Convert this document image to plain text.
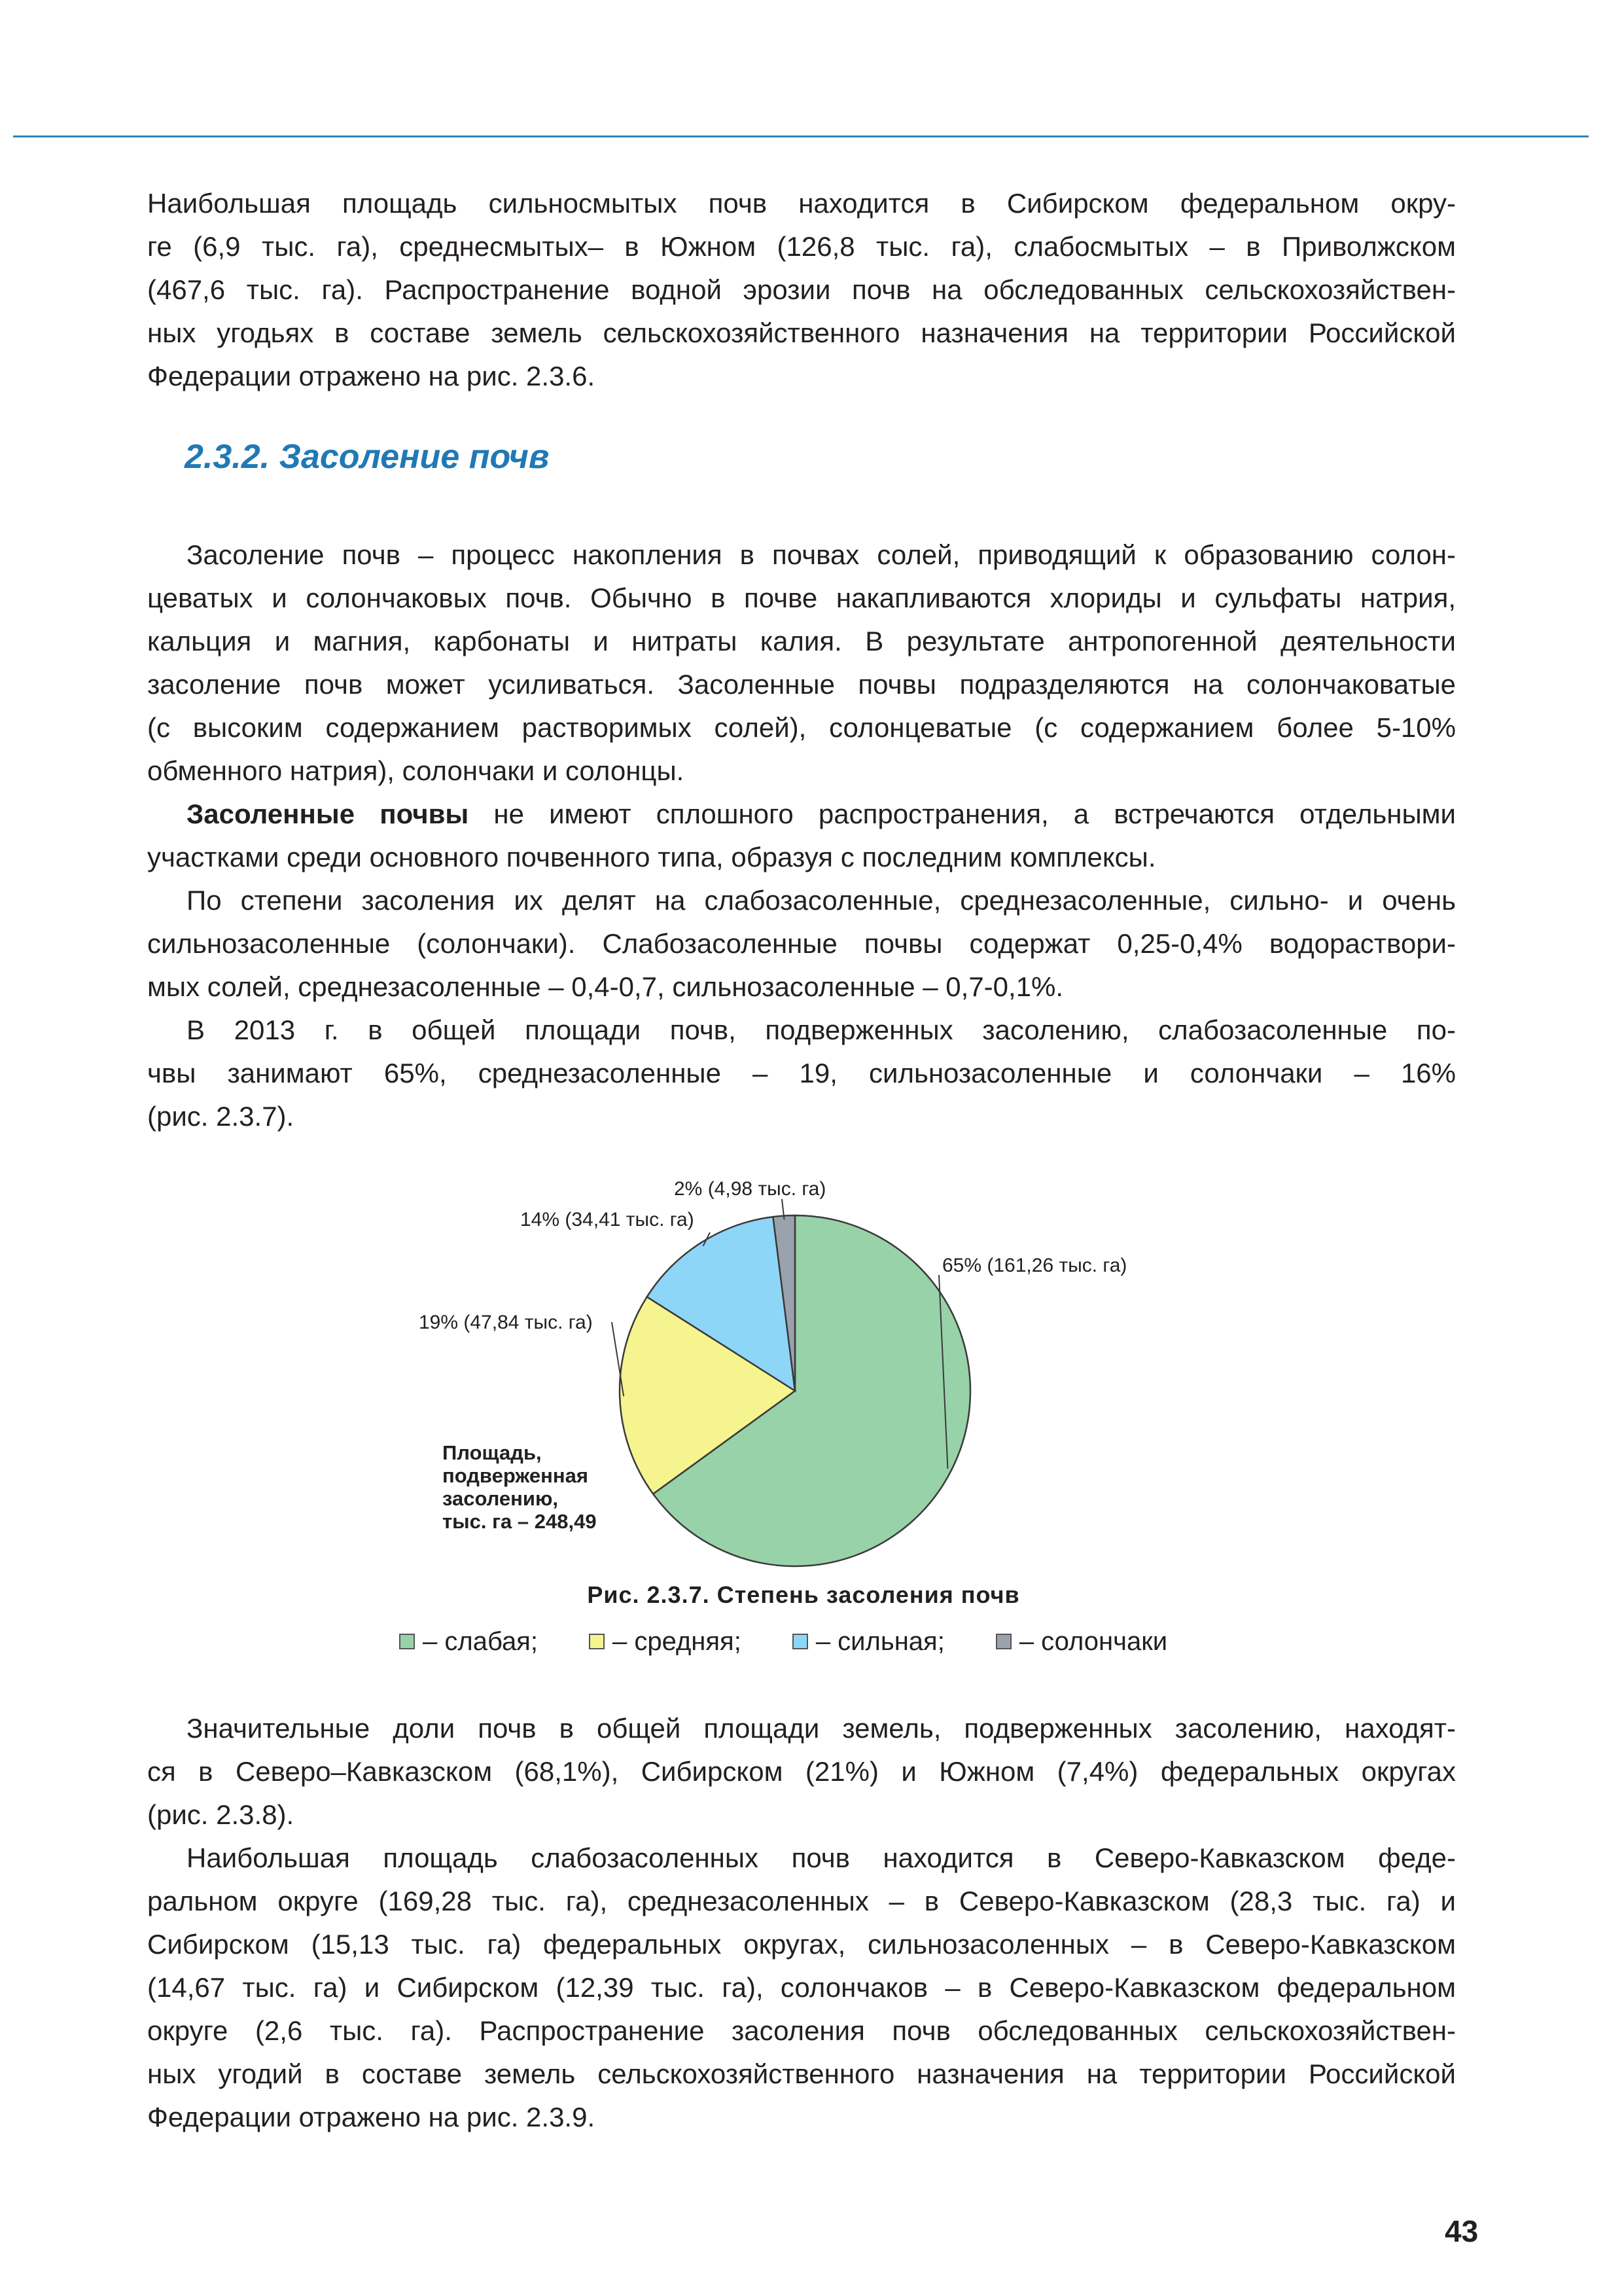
Наибольшая площадь сильносмытых почв находится в Сибирском федеральном окру-
ге (6,9 тыс. га), среднесмытых– в Южном (126,8 тыс. га), слабосмытых – в Приволжском
(467,6 тыс. га). Распространение водной эрозии почв на обследованных сельскохозяйствен-
ных угодьях в составе земель сельскохозяйственного назначения на территории Российской
Федерации отражено на рис. 2.3.6.
2.3.2. Засоление почв
Засоление почв – процесс накопления в почвах солей, приводящий к образованию солон-
цеватых и солончаковых почв. Обычно в почве накапливаются хлориды и сульфаты натрия,
кальция и магния, карбонаты и нитраты калия. В результате антропогенной деятельности
засоление почв может усиливаться. Засоленные почвы подразделяются на солончаковатые
(с высоким содержанием растворимых солей), солонцеватые (с содержанием более 5-10%
обменного натрия), солончаки и солонцы.
Засоленные почвы не имеют сплошного распространения, а встречаются отдельными
участками среди основного почвенного типа, образуя с последним комплексы.
По степени засоления их делят на слабозасоленные, среднезасоленные, сильно- и очень
сильнозасоленные (солончаки). Слабозасоленные почвы содержат 0,25-0,4% водораствори-
мых солей, среднезасоленные – 0,4-0,7, сильнозасоленные – 0,7-0,1%.
В 2013 г. в общей площади почв, подверженных засолению, слабозасоленные по-
чвы занимают 65%, среднезасоленные – 19, сильнозасоленные и солончаки – 16%
(рис. 2.3.7).
65% (161,26 тыс. га)
19% (47,84 тыс. га)
14% (34,41 тыс. га)
2% (4,98 тыс. га)
Площадь,
подверженная
засолению,
тыс. га – 248,49

Рис. 2.3.7. Степень засоления почв

– слабая;	– средняя;	– сильная;	– солончаки
Значительные доли почв в общей площади земель, подверженных засолению, находят-
ся в Северо–Кавказском (68,1%), Сибирском (21%) и Южном (7,4%) федеральных округах
(рис. 2.3.8).
Наибольшая площадь слабозасоленных почв находится в Северо-Кавказском феде-
ральном округе (169,28 тыс. га), среднезасоленных – в Северо-Кавказском (28,3 тыс. га) и
Сибирском (15,13 тыс. га) федеральных округах, сильнозасоленных – в Северо-Кавказском
(14,67 тыс. га) и Сибирском (12,39 тыс. га), солончаков – в Северо-Кавказском федеральном
округе (2,6 тыс. га). Распространение засоления почв обследованных сельскохозяйствен-
ных угодий в составе земель сельскохозяйственного назначения на территории Российской
Федерации отражено на рис. 2.3.9.

43
